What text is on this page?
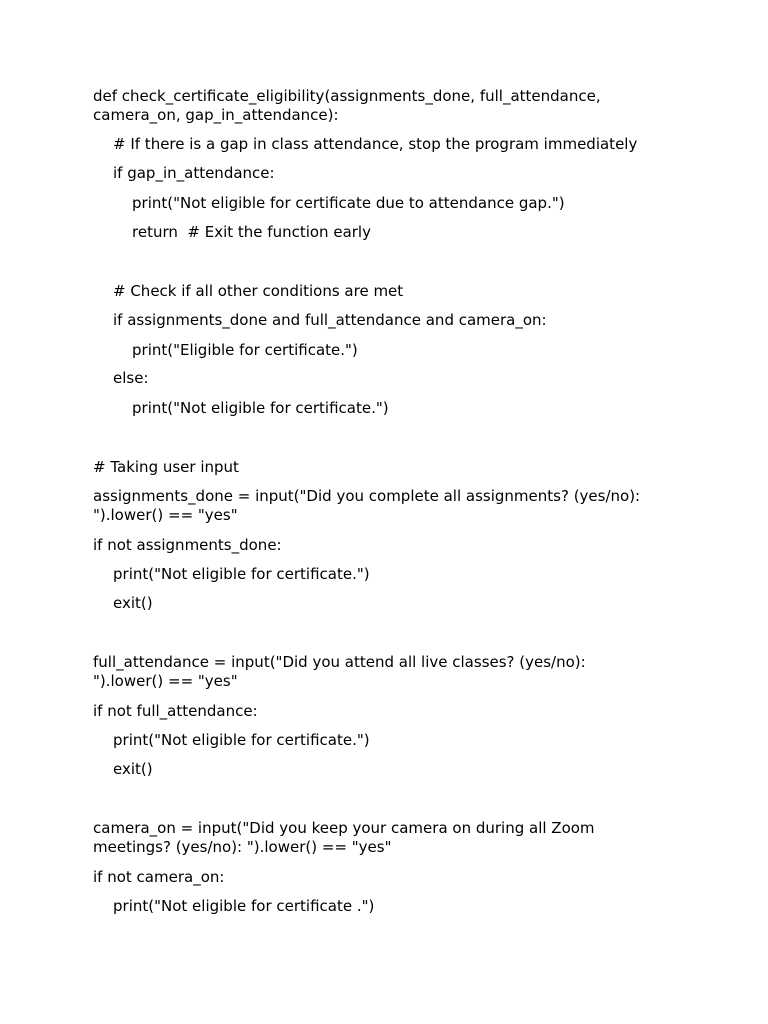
def check_certificate_eligibility(assignments_done, full_attendance,
camera_on, gap_in_attendance):
# If there is a gap in class attendance, stop the program immediately
if gap_in_attendance:
print("Not eligible for certificate due to attendance gap.")
return  # Exit the function early
# Check if all other conditions are met
if assignments_done and full_attendance and camera_on:
print("Eligible for certificate.")
else:
print("Not eligible for certificate.")
# Taking user input
assignments_done = input("Did you complete all assignments? (yes/no):
").lower() == "yes"
if not assignments_done:
print("Not eligible for certificate.")
exit()
full_attendance = input("Did you attend all live classes? (yes/no):
").lower() == "yes"
if not full_attendance:
print("Not eligible for certificate.")
exit()
camera_on = input("Did you keep your camera on during all Zoom
meetings? (yes/no): ").lower() == "yes"
if not camera_on:
print("Not eligible for certificate .")
